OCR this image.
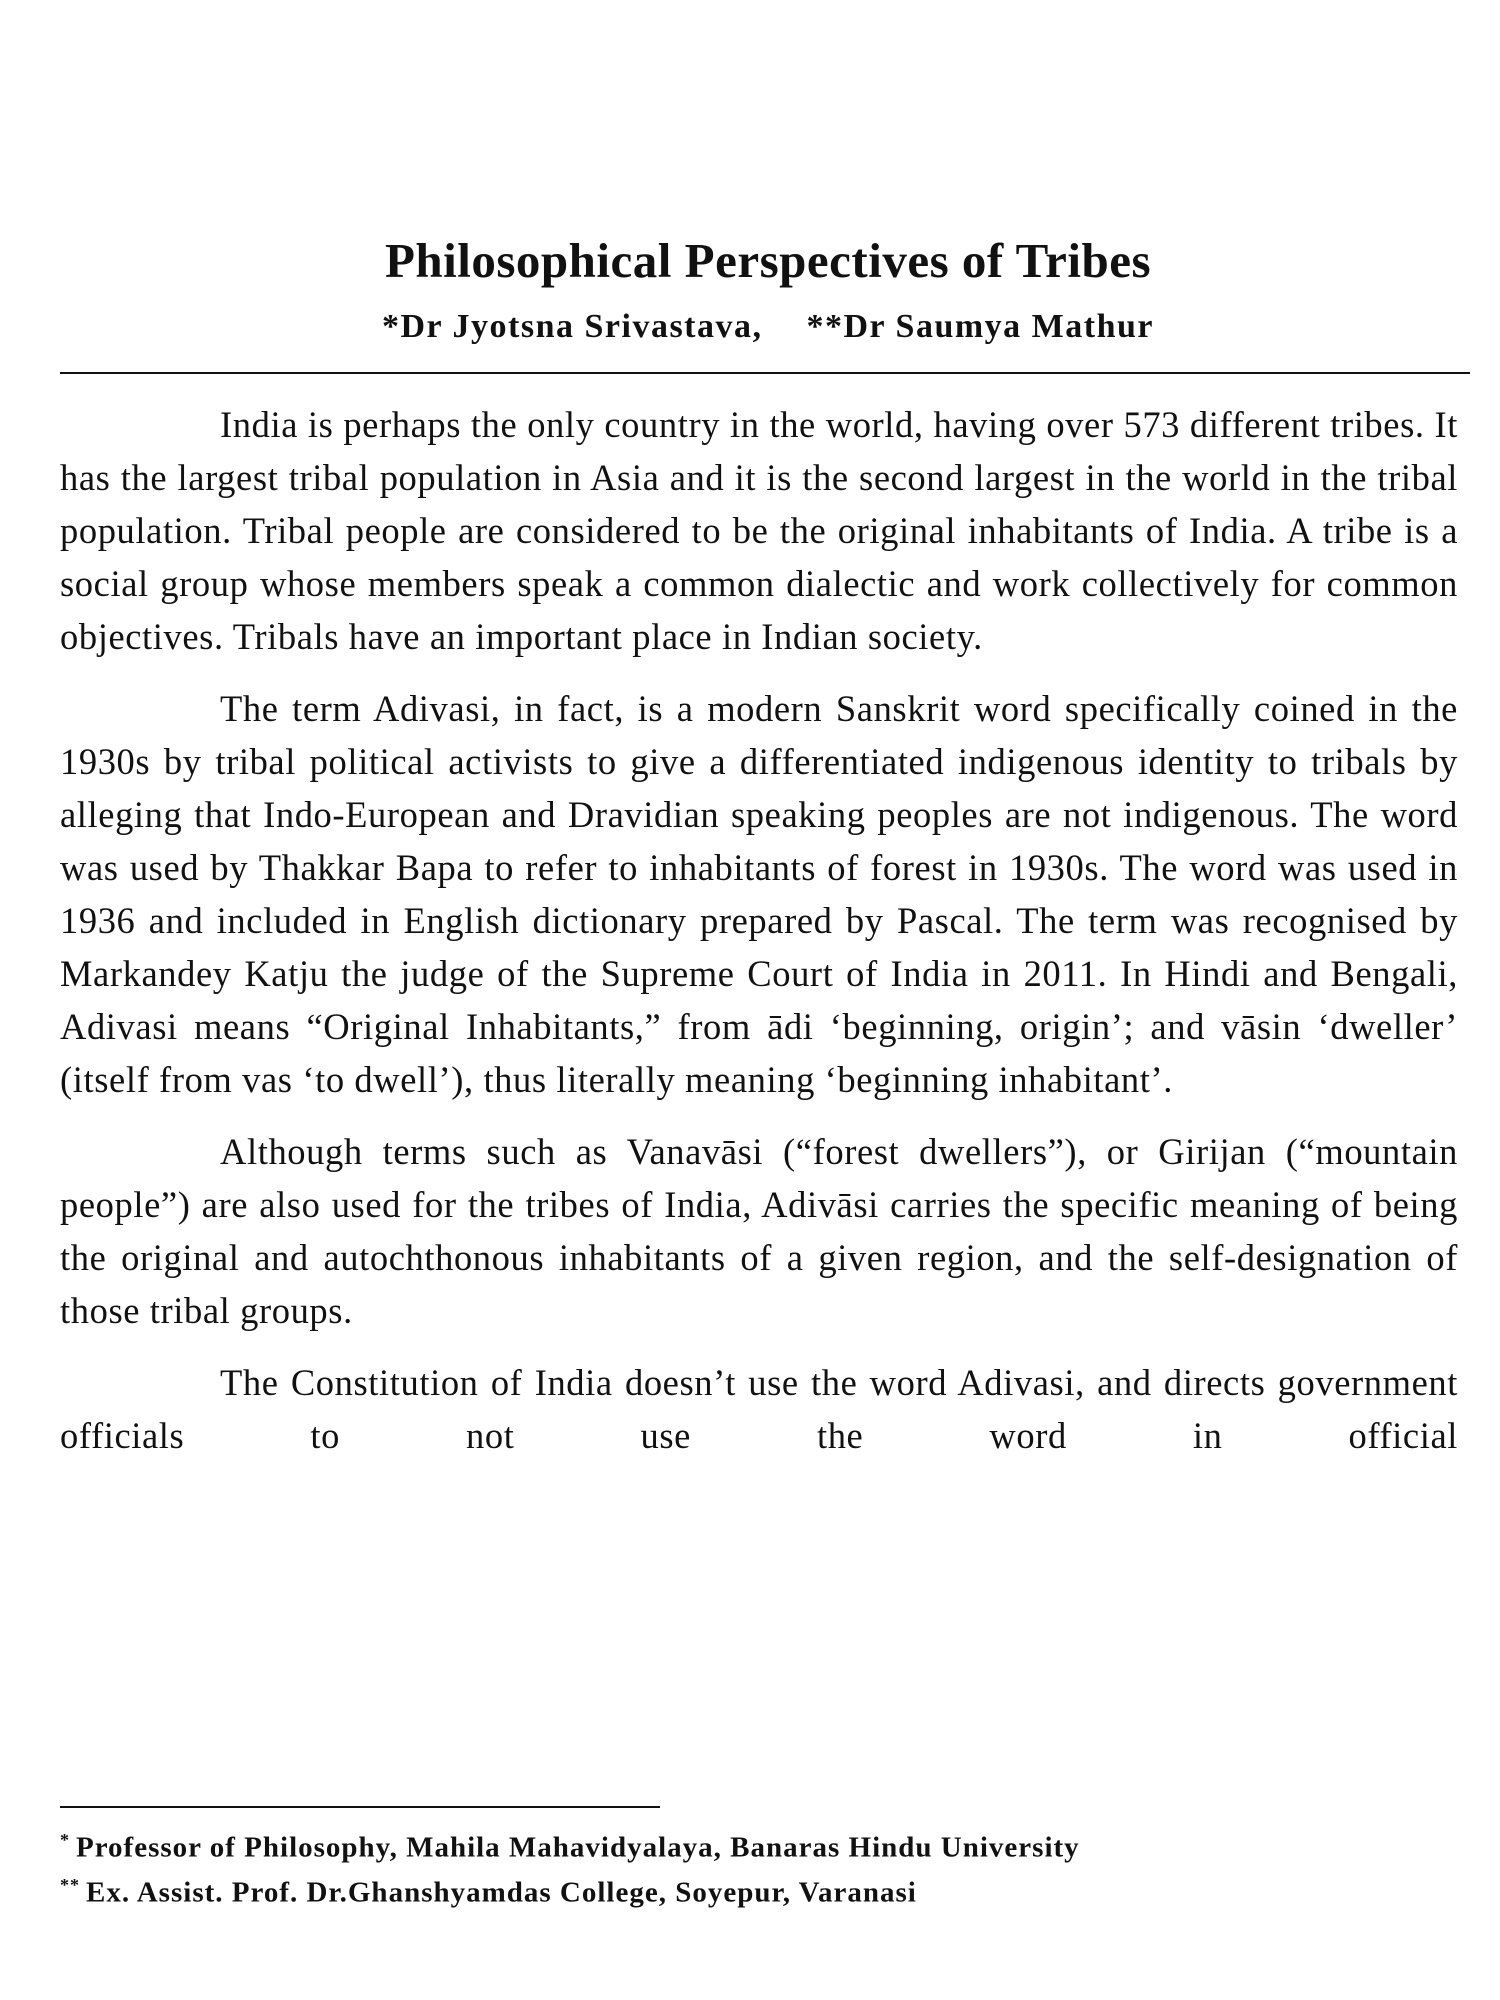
Philosophical Perspectives of Tribes
*Dr Jyotsna Srivastava, **Dr Saumya Mathur

India is perhaps the only country in the world, having over 573 different tribes. It has the largest tribal population in Asia and it is the second largest in the world in the tribal population. Tribal people are considered to be the original inhabitants of India. A tribe is a social group whose members speak a common dialectic and work collectively for common objectives. Tribals have an important place in Indian society.

The term Adivasi, in fact, is a modern Sanskrit word specifically coined in the 1930s by tribal political activists to give a differentiated indigenous identity to tribals by alleging that Indo-European and Dravidian speaking peoples are not indigenous. The word was used by Thakkar Bapa to refer to inhabitants of forest in 1930s. The word was used in 1936 and included in English dictionary prepared by Pascal. The term was recognised by Markandey Katju the judge of the Supreme Court of India in 2011. In Hindi and Bengali, Adivasi means “Original Inhabitants,” from ādi ‘beginning, origin’; and vāsin ‘dweller’ (itself from vas ‘to dwell’), thus literally meaning ‘beginning inhabitant’.

Although terms such as Vanavāsi (“forest dwellers”), or Girijan (“mountain people”) are also used for the tribes of India, Adivāsi carries the specific meaning of being the original and autochthonous inhabitants of a given region, and the self-designation of those tribal groups.

The Constitution of India doesn’t use the word Adivasi, and directs government officials to not use the word in official

* Professor of Philosophy, Mahila Mahavidyalaya, Banaras Hindu University

** Ex. Assist. Prof. Dr.Ghanshyamdas College, Soyepur, Varanasi
